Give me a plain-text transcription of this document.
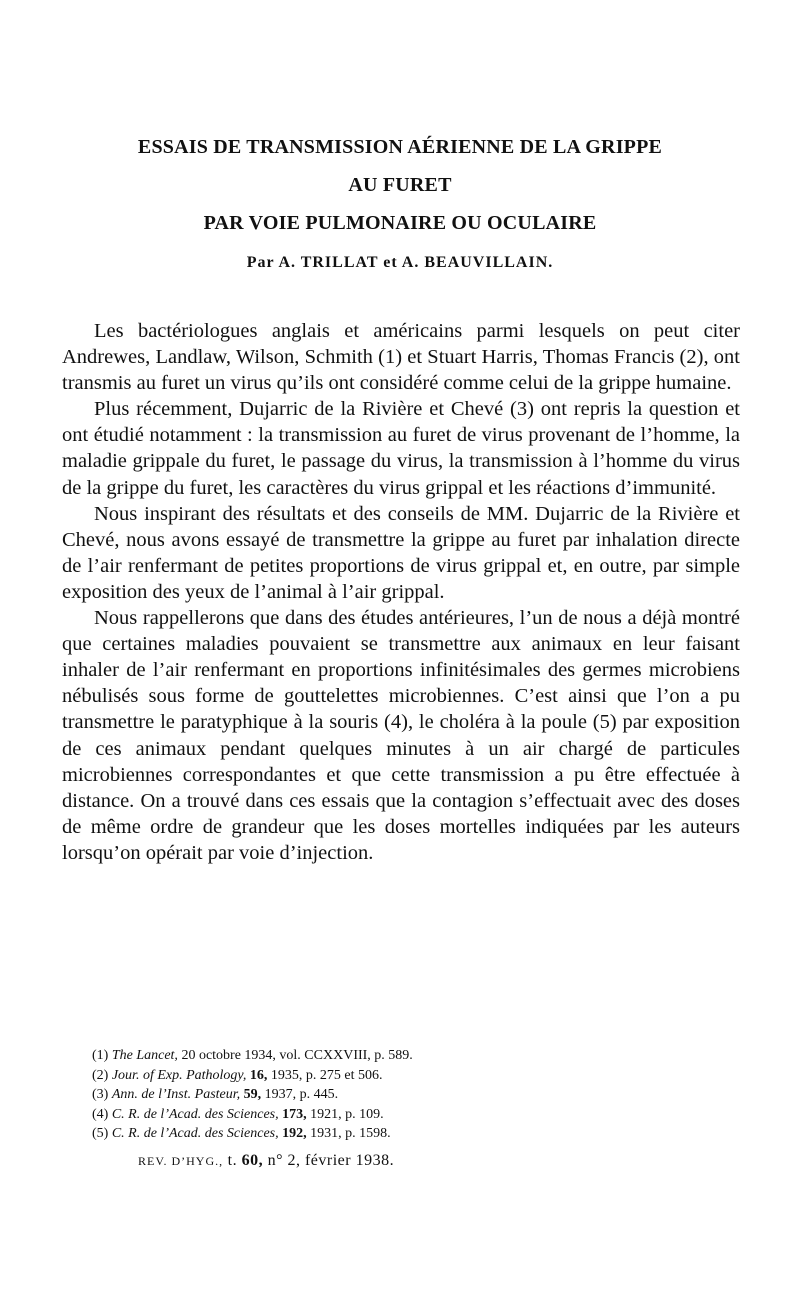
ESSAIS DE TRANSMISSION AÉRIENNE DE LA GRIPPE
AU FURET
PAR VOIE PULMONAIRE OU OCULAIRE
Par A. TRILLAT et A. BEAUVILLAIN.

Les bactériologues anglais et américains parmi lesquels on peut citer Andrewes, Landlaw, Wilson, Schmith (1) et Stuart Harris, Thomas Francis (2), ont transmis au furet un virus qu’ils ont considéré comme celui de la grippe humaine.

Plus récemment, Dujarric de la Rivière et Chevé (3) ont repris la question et ont étudié notamment : la transmission au furet de virus provenant de l’homme, la maladie grippale du furet, le passage du virus, la transmission à l’homme du virus de la grippe du furet, les caractères du virus grippal et les réactions d’immunité.

Nous inspirant des résultats et des conseils de MM. Dujarric de la Rivière et Chevé, nous avons essayé de transmettre la grippe au furet par inhalation directe de l’air renfermant de petites proportions de virus grippal et, en outre, par simple exposition des yeux de l’animal à l’air grippal.

Nous rappellerons que dans des études antérieures, l’un de nous a déjà montré que certaines maladies pouvaient se transmettre aux animaux en leur faisant inhaler de l’air renfermant en proportions infinitésimales des germes microbiens nébulisés sous forme de gouttelettes microbiennes. C’est ainsi que l’on a pu transmettre le paratyphique à la souris (4), le choléra à la poule (5) par exposition de ces animaux pendant quelques minutes à un air chargé de particules microbiennes correspondantes et que cette transmission a pu être effectuée à distance. On a trouvé dans ces essais que la contagion s’effectuait avec des doses de même ordre de grandeur que les doses mortelles indiquées par les auteurs lorsqu’on opérait par voie d’injection.

(1) The Lancet, 20 octobre 1934, vol. CCXXVIII, p. 589.
(2) Jour. of Exp. Pathology, 16, 1935, p. 275 et 506.
(3) Ann. de l’Inst. Pasteur, 59, 1937, p. 445.
(4) C. R. de l’Acad. des Sciences, 173, 1921, p. 109.
(5) C. R. de l’Acad. des Sciences, 192, 1931, p. 1598.
REV. D’HYG., t. 60, n° 2, février 1938.
